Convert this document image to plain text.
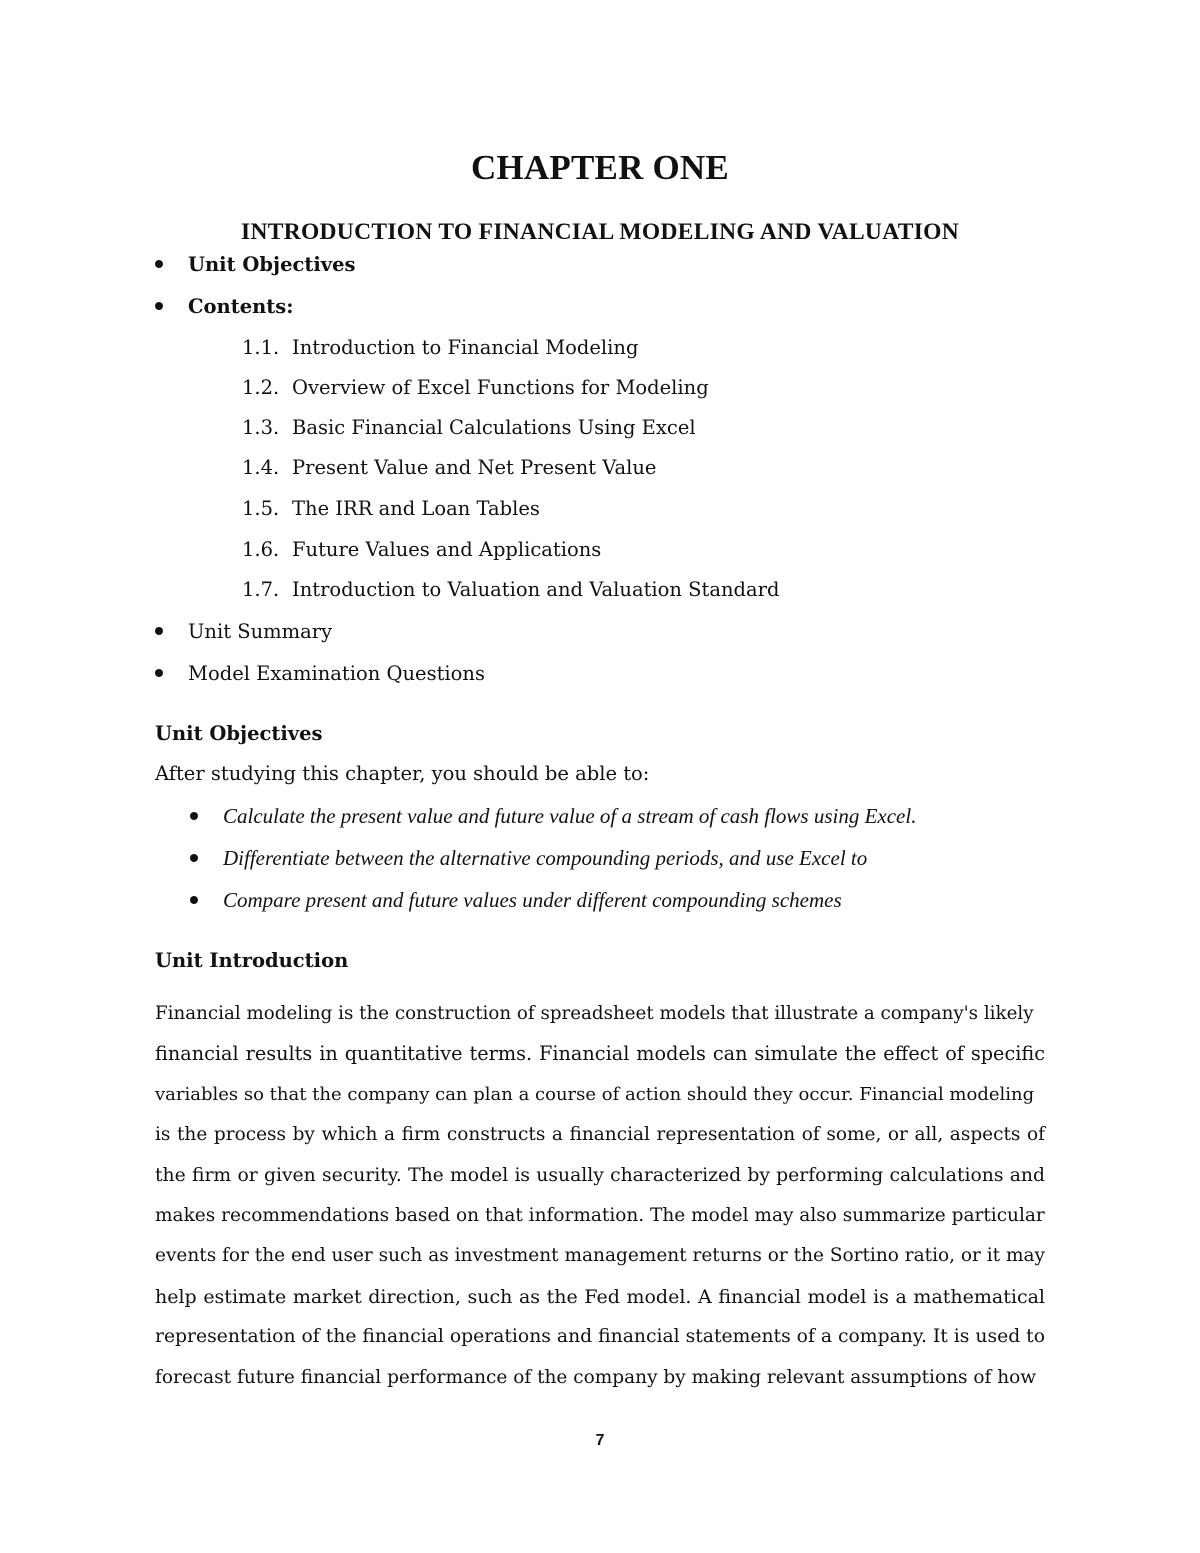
CHAPTER ONE
INTRODUCTION TO FINANCIAL MODELING AND VALUATION
Unit Objectives
Contents:
1.1. Introduction to Financial Modeling
1.2. Overview of Excel Functions for Modeling
1.3. Basic Financial Calculations Using Excel
1.4. Present Value and Net Present Value
1.5. The IRR and Loan Tables
1.6. Future Values and Applications
1.7. Introduction to Valuation and Valuation Standard
Unit Summary
Model Examination Questions
Unit Objectives
After studying this chapter, you should be able to:
Calculate the present value and future value of a stream of cash flows using Excel.
Differentiate between the alternative compounding periods, and use Excel to
Compare present and future values under different compounding schemes
Unit Introduction
Financial modeling is the construction of spreadsheet models that illustrate a company's likely
financial results in quantitative terms. Financial models can simulate the effect of specific
variables so that the company can plan a course of action should they occur. Financial modeling
is the process by which a firm constructs a financial representation of some, or all, aspects of
the firm or given security. The model is usually characterized by performing calculations and
makes recommendations based on that information. The model may also summarize particular
events for the end user such as investment management returns or the Sortino ratio, or it may
help estimate market direction, such as the Fed model. A financial model is a mathematical
representation of the financial operations and financial statements of a company. It is used to
forecast future financial performance of the company by making relevant assumptions of how
7
